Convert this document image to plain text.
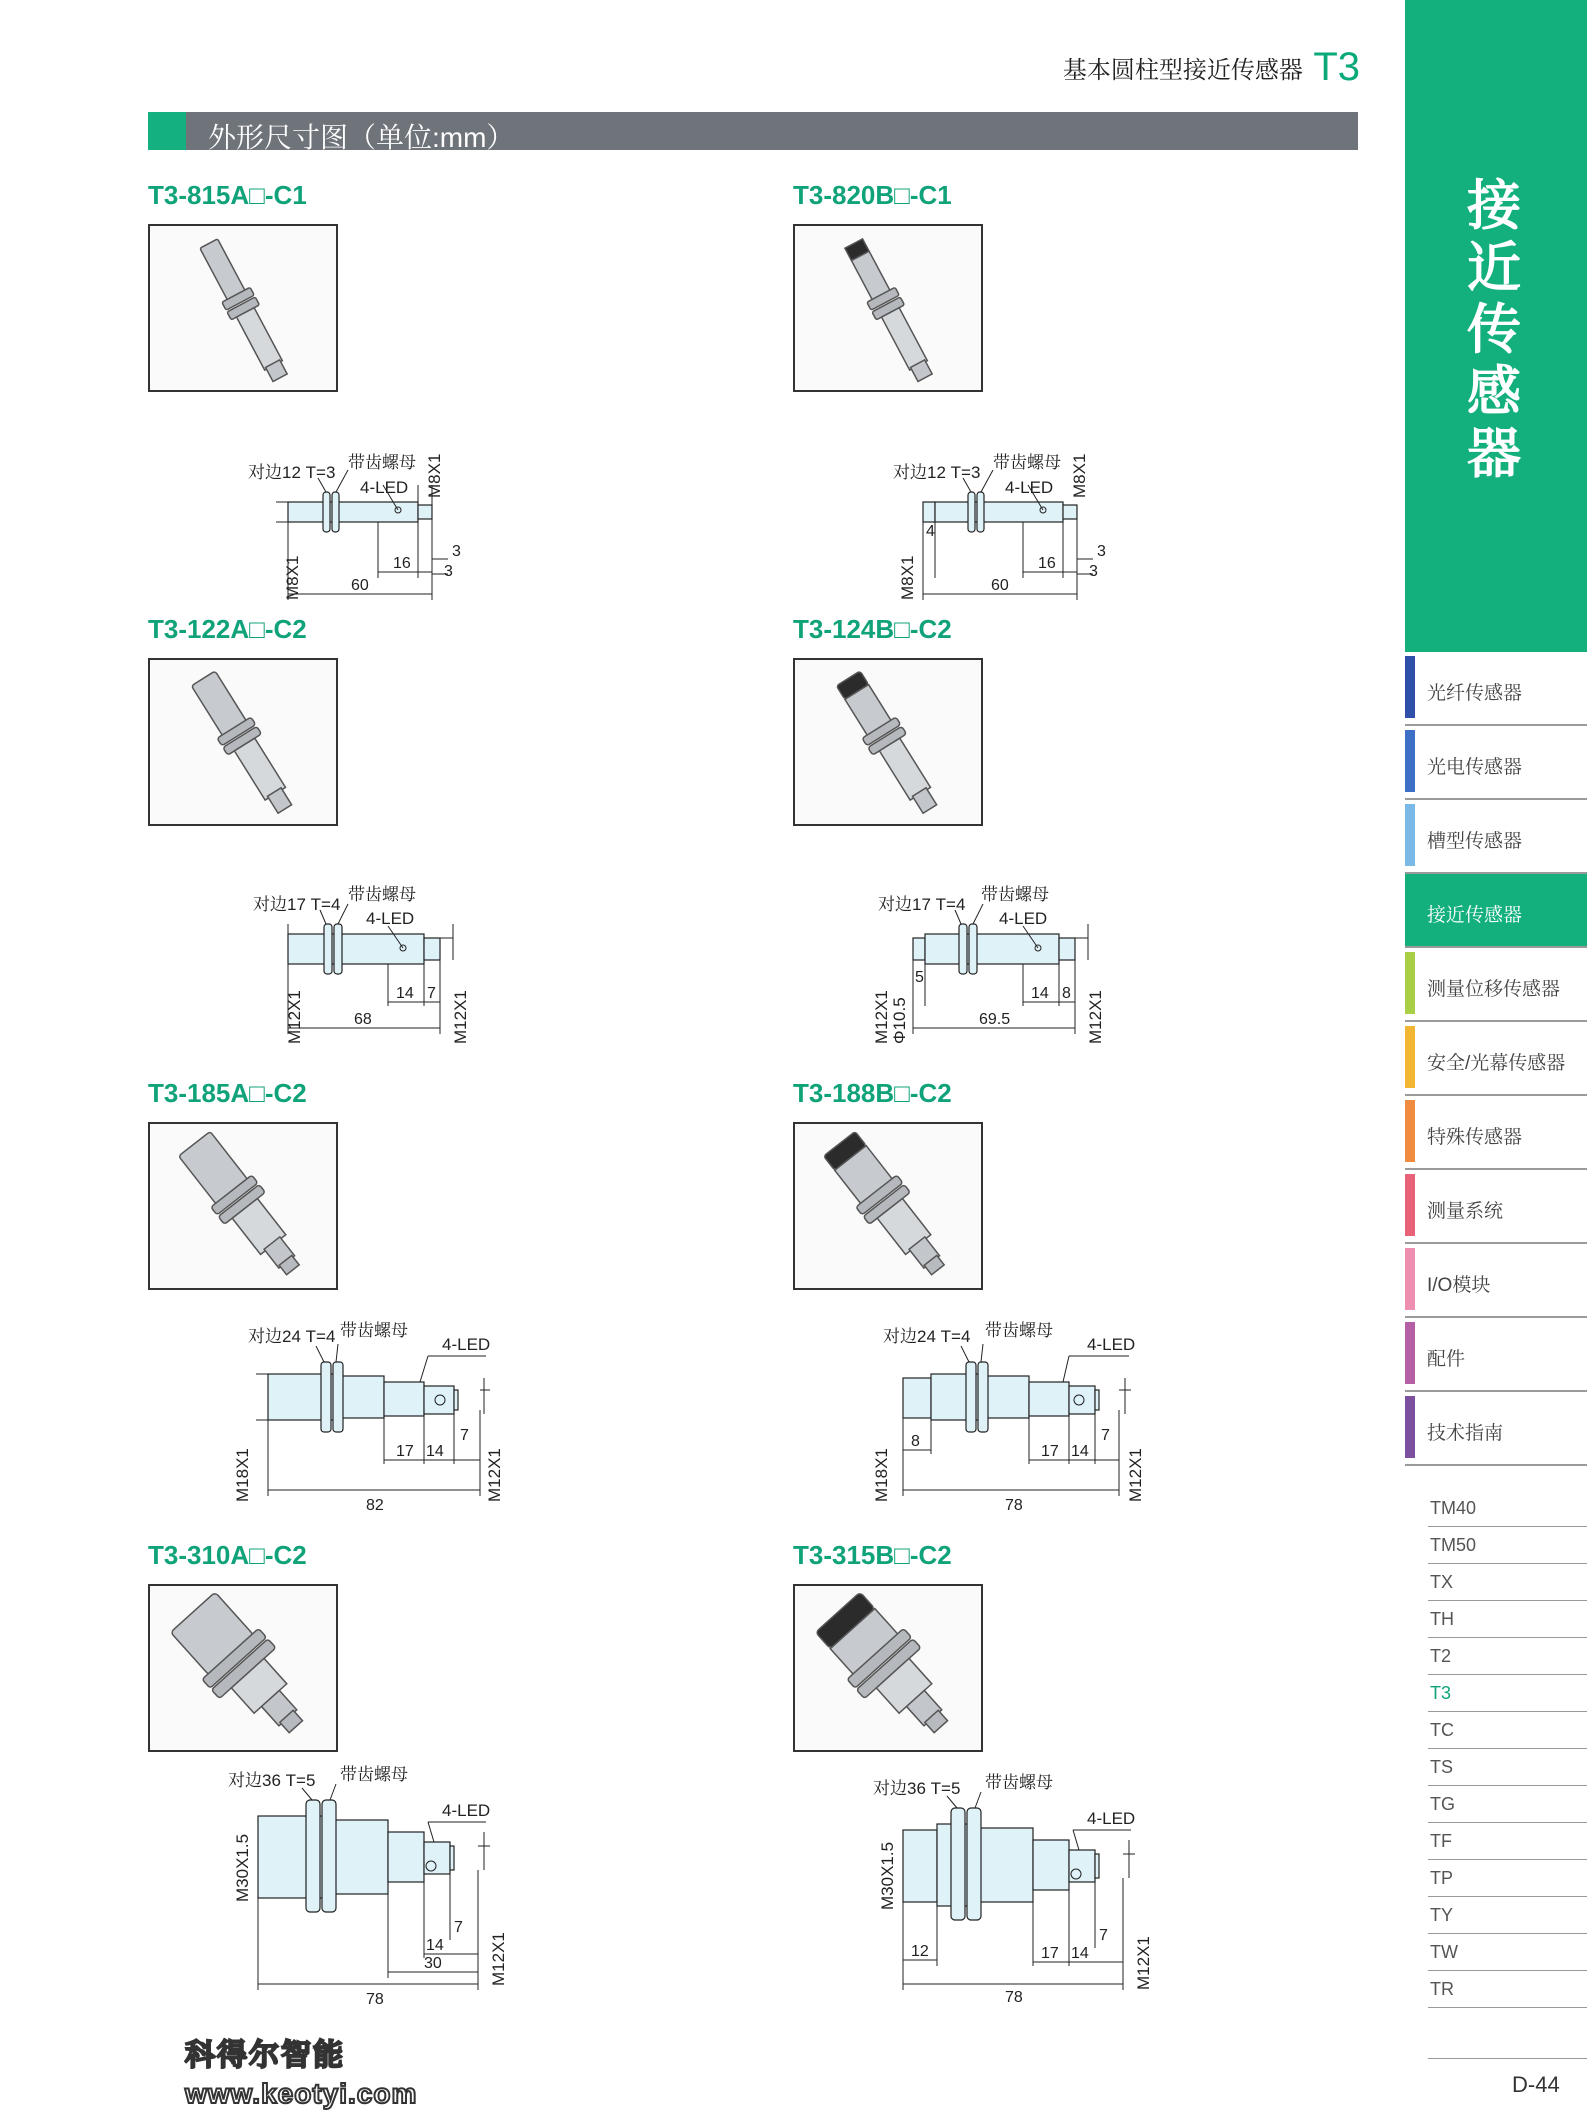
基本圆柱型接近传感器 T3
外形尺寸图（单位:mm）
T3-815A□-C1
对边12 T=3
带齿螺母
4-LED M8X1
M8X1	60
16
3
3
T3-820B□-C1
对边12 T=3
带齿螺母
4-LED M8X1
M8X1	60
16
4
3
3
T3-122A□-C2
对边17 T=4
带齿螺母
4-LED
M12X1	M12X1
68
14 7
T3-124B□-C2
对边17 T=4
带齿螺母
4-LED
M12X1 Φ10.5	M12X1
69.5
14 8
5
T3-185A□-C2
对边24 T=4 带齿螺母
4-LED
M18X1	M12X1
82
17 14
7
T3-188B□-C2
对边24 T=4 带齿螺母
4-LED
M18X1	M12X1
78
17 14
7
8
T3-310A□-C2
对边36 T=5 带齿螺母
4-LED
M30X1.5
M12X1
78
30
14
7
T3-315B□-C2
对边36 T=5 带齿螺母
4-LED
M30X1.5
M12X1
78
17 14
7
12
接近传感器
光纤传感器
光电传感器
槽型传感器
接近传感器
测量位移传感器
安全/光幕传感器
特殊传感器
测量系统
I/O模块
配件
技术指南
TM40
TM50
TX
TH
T2
T3
TC
TS
TG
TF
TP
TY
TW
TR
D-44
科得尔智能
www.keotyi.com
